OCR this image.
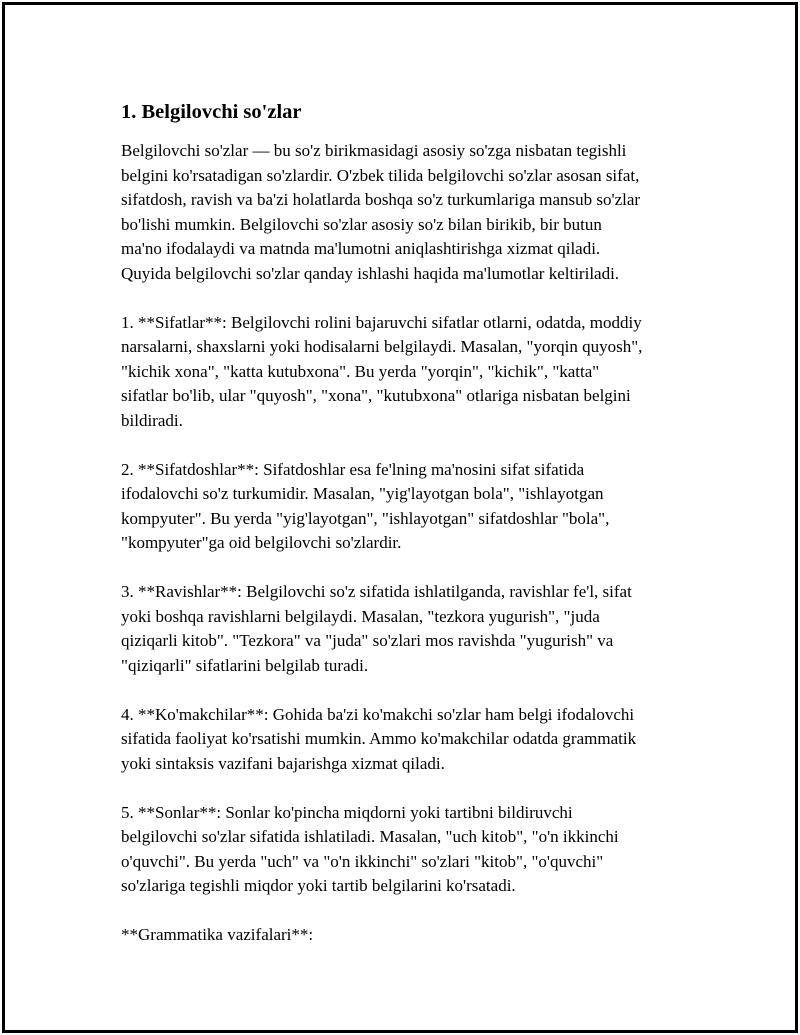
1. Belgilovchi so'zlar

Belgilovchi so'zlar — bu so'z birikmasidagi asosiy so'zga nisbatan tegishli
belgini ko'rsatadigan so'zlardir. O'zbek tilida belgilovchi so'zlar asosan sifat,
sifatdosh, ravish va ba'zi holatlarda boshqa so'z turkumlariga mansub so'zlar
bo'lishi mumkin. Belgilovchi so'zlar asosiy so'z bilan birikib, bir butun
ma'no ifodalaydi va matnda ma'lumotni aniqlashtirishga xizmat qiladi.
Quyida belgilovchi so'zlar qanday ishlashi haqida ma'lumotlar keltiriladi.

1. **Sifatlar**: Belgilovchi rolini bajaruvchi sifatlar otlarni, odatda, moddiy
narsalarni, shaxslarni yoki hodisalarni belgilaydi. Masalan, "yorqin quyosh",
"kichik xona", "katta kutubxona". Bu yerda "yorqin", "kichik", "katta"
sifatlar bo'lib, ular "quyosh", "xona", "kutubxona" otlariga nisbatan belgini
bildiradi.

2. **Sifatdoshlar**: Sifatdoshlar esa fe'lning ma'nosini sifat sifatida
ifodalovchi so'z turkumidir. Masalan, "yig'layotgan bola", "ishlayotgan
kompyuter". Bu yerda "yig'layotgan", "ishlayotgan" sifatdoshlar "bola",
"kompyuter"ga oid belgilovchi so'zlardir.

3. **Ravishlar**: Belgilovchi so'z sifatida ishlatilganda, ravishlar fe'l, sifat
yoki boshqa ravishlarni belgilaydi. Masalan, "tezkora yugurish", "juda
qiziqarli kitob". "Tezkora" va "juda" so'zlari mos ravishda "yugurish" va
"qiziqarli" sifatlarini belgilab turadi.

4. **Ko'makchilar**: Gohida ba'zi ko'makchi so'zlar ham belgi ifodalovchi
sifatida faoliyat ko'rsatishi mumkin. Ammo ko'makchilar odatda grammatik
yoki sintaksis vazifani bajarishga xizmat qiladi.

5. **Sonlar**: Sonlar ko'pincha miqdorni yoki tartibni bildiruvchi
belgilovchi so'zlar sifatida ishlatiladi. Masalan, "uch kitob", "o'n ikkinchi
o'quvchi". Bu yerda "uch" va "o'n ikkinchi" so'zlari "kitob", "o'quvchi"
so'zlariga tegishli miqdor yoki tartib belgilarini ko'rsatadi.

**Grammatika vazifalari**:
